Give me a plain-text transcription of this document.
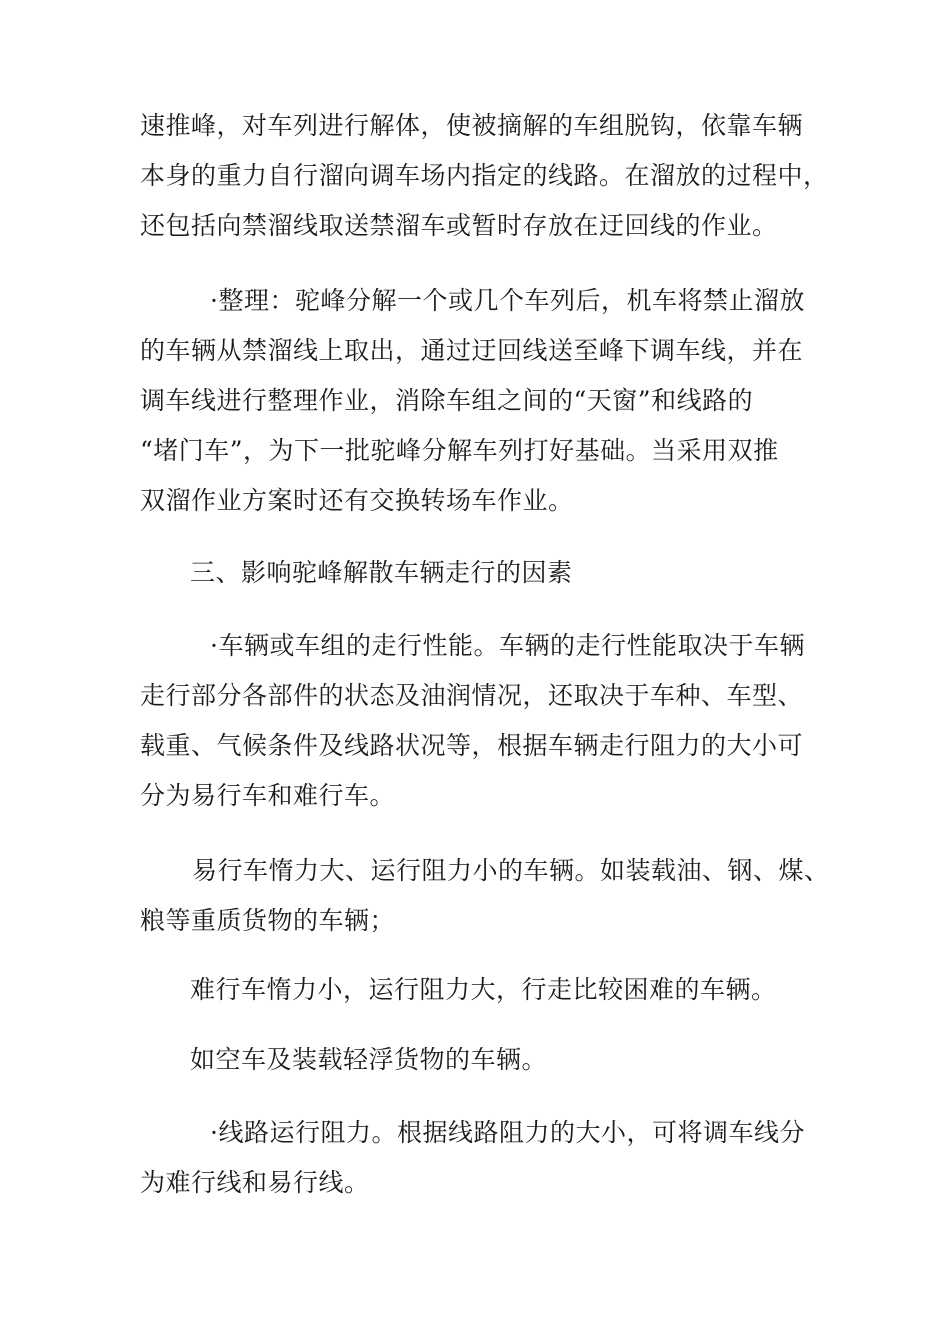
速推峰，对车列进行解体，使被摘解的车组脱钩，依靠车辆
本身的重力自行溜向调车场内指定的线路。在溜放的过程中，
还包括向禁溜线取送禁溜车或暂时存放在迂回线的作业。
·整理：驼峰分解一个或几个车列后，机车将禁止溜放
的车辆从禁溜线上取出，通过迂回线送至峰下调车线，并在
调车线进行整理作业，消除车组之间的“天窗”和线路的
“堵门车”，为下一批驼峰分解车列打好基础。当采用双推
双溜作业方案时还有交换转场车作业。
三、影响驼峰解散车辆走行的因素
·车辆或车组的走行性能。车辆的走行性能取决于车辆
走行部分各部件的状态及油润情况，还取决于车种、车型、
载重、气候条件及线路状况等，根据车辆走行阻力的大小可
分为易行车和难行车。
易行车惰力大、运行阻力小的车辆。如装载油、钢、煤、
粮等重质货物的车辆；
难行车惰力小，运行阻力大，行走比较困难的车辆。
如空车及装载轻浮货物的车辆。
·线路运行阻力。根据线路阻力的大小，可将调车线分
为难行线和易行线。
